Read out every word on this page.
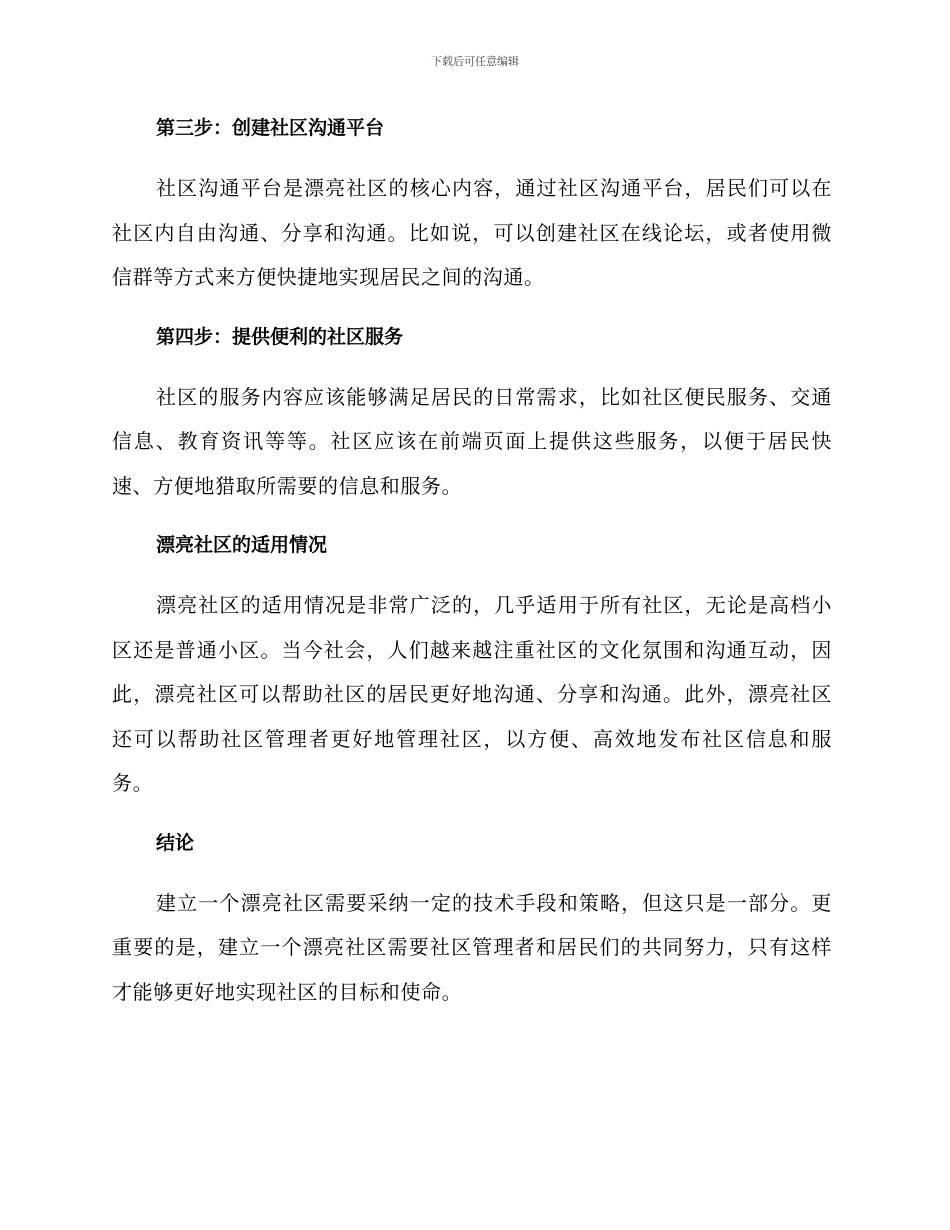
下载后可任意编辑
第三步：创建社区沟通平台

社区沟通平台是漂亮社区的核心内容，通过社区沟通平台，居民们可以在社区内自由沟通、分享和沟通。比如说，可以创建社区在线论坛，或者使用微信群等方式来方便快捷地实现居民之间的沟通。

第四步：提供便利的社区服务

社区的服务内容应该能够满足居民的日常需求，比如社区便民服务、交通信息、教育资讯等等。社区应该在前端页面上提供这些服务，以便于居民快速、方便地猎取所需要的信息和服务。

漂亮社区的适用情况

漂亮社区的适用情况是非常广泛的，几乎适用于所有社区，无论是高档小区还是普通小区。当今社会，人们越来越注重社区的文化氛围和沟通互动，因此，漂亮社区可以帮助社区的居民更好地沟通、分享和沟通。此外，漂亮社区还可以帮助社区管理者更好地管理社区，以方便、高效地发布社区信息和服务。

结论

建立一个漂亮社区需要采纳一定的技术手段和策略，但这只是一部分。更重要的是，建立一个漂亮社区需要社区管理者和居民们的共同努力，只有这样才能够更好地实现社区的目标和使命。
